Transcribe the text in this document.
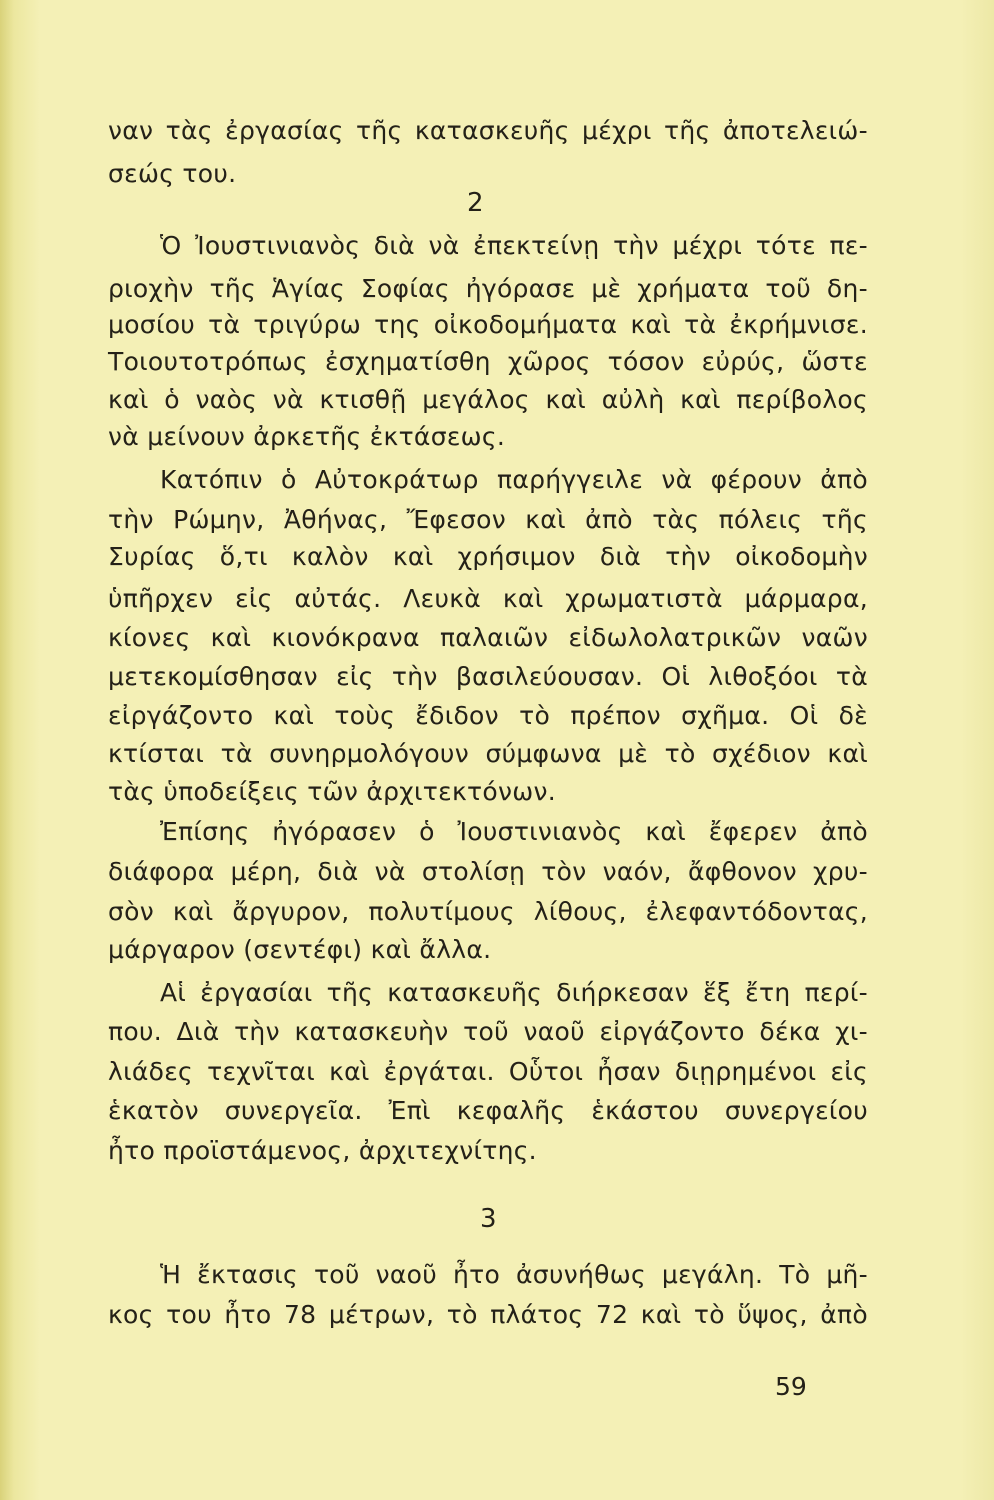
ναν τὰς ἐργασίας τῆς κατασκευῆς μέχρι τῆς ἀποτελειώ-
σεώς του.
2
Ὁ Ἰουστινιανὸς διὰ νὰ ἐπεκτείνῃ τὴν μέχρι τότε πε-
ριοχὴν τῆς Ἁγίας Σοφίας ἠγόρασε μὲ χρήματα τοῦ δη-
μοσίου τὰ τριγύρω της οἰκοδομήματα καὶ τὰ ἐκρήμνισε.
Τοιουτοτρόπως ἐσχηματίσθη χῶρος τόσον εὐρύς, ὥστε
καὶ ὁ ναὸς νὰ κτισθῇ μεγάλος καὶ αὐλὴ καὶ περίβολος
νὰ μείνουν ἀρκετῆς ἐκτάσεως.
Κατόπιν ὁ Αὐτοκράτωρ παρήγγειλε νὰ φέρουν ἀπὸ
τὴν Ρώμην, Ἀθήνας, Ἔφεσον καὶ ἀπὸ τὰς πόλεις τῆς
Συρίας ὅ,τι καλὸν καὶ χρήσιμον διὰ τὴν οἰκοδομὴν
ὑπῆρχεν εἰς αὐτάς. Λευκὰ καὶ χρωματιστὰ μάρμαρα,
κίονες καὶ κιονόκρανα παλαιῶν εἰδωλολατρικῶν ναῶν
μετεκομίσθησαν εἰς τὴν βασιλεύουσαν. Οἱ λιθοξόοι τὰ
εἰργάζοντο καὶ τοὺς ἔδιδον τὸ πρέπον σχῆμα. Οἱ δὲ
κτίσται τὰ συνηρμολόγουν σύμφωνα μὲ τὸ σχέδιον καὶ
τὰς ὑποδείξεις τῶν ἀρχιτεκτόνων.
Ἐπίσης ἠγόρασεν ὁ Ἰουστινιανὸς καὶ ἔφερεν ἀπὸ
διάφορα μέρη, διὰ νὰ στολίσῃ τὸν ναόν, ἄφθονον χρυ-
σὸν καὶ ἄργυρον, πολυτίμους λίθους, ἐλεφαντόδοντας,
μάργαρον (σεντέφι) καὶ ἄλλα.
Αἱ ἐργασίαι τῆς κατασκευῆς διήρκεσαν ἕξ ἔτη περί-
που. Διὰ τὴν κατασκευὴν τοῦ ναοῦ εἰργάζοντο δέκα χι-
λιάδες τεχνῖται καὶ ἐργάται. Οὗτοι ἦσαν διῃρημένοι εἰς
ἑκατὸν συνεργεῖα. Ἐπὶ κεφαλῆς ἑκάστου συνεργείου
ἦτο προϊστάμενος, ἀρχιτεχνίτης.
3
Ἡ ἔκτασις τοῦ ναοῦ ἦτο ἀσυνήθως μεγάλη. Τὸ μῆ-
κος του ἦτο 78 μέτρων, τὸ πλάτος 72 καὶ τὸ ὕψος, ἀπὸ
59
